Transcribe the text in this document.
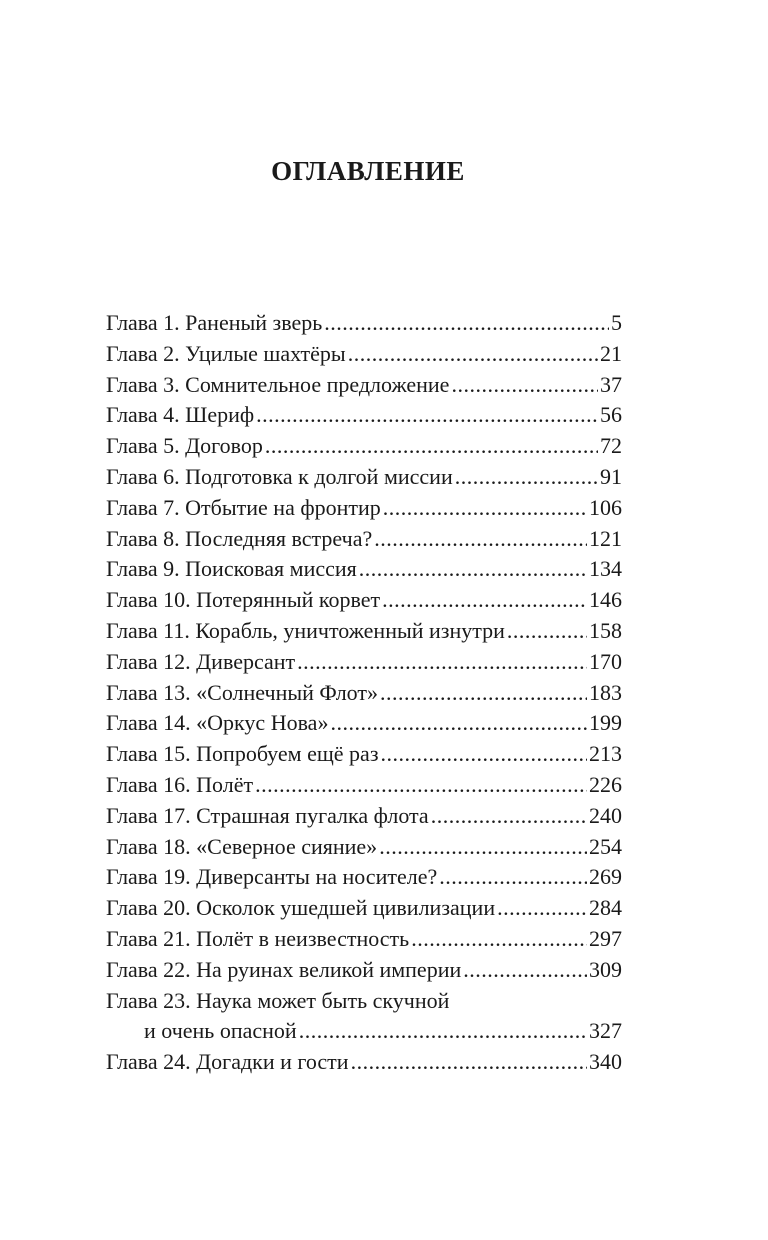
ОГЛАВЛЕНИЕ
Глава 1. Раненый зверь .....	5
Глава 2. Уцилые шахтёры .....	21
Глава 3. Сомнительное предложение .....	37
Глава 4. Шериф .....	56
Глава 5. Договор .....	72
Глава 6. Подготовка к долгой миссии .....	91
Глава 7. Отбытие на фронтир .....	106
Глава 8. Последняя встреча? .....	121
Глава 9. Поисковая миссия .....	134
Глава 10. Потерянный корвет .....	146
Глава 11. Корабль, уничтоженный изнутри .....	158
Глава 12. Диверсант .....	170
Глава 13. «Солнечный Флот» .....	183
Глава 14. «Оркус Нова» .....	199
Глава 15. Попробуем ещё раз .....	213
Глава 16. Полёт .....	226
Глава 17. Страшная пугалка флота .....	240
Глава 18. «Северное сияние» .....	254
Глава 19. Диверсанты на носителе? .....	269
Глава 20. Осколок ушедшей цивилизации .....	284
Глава 21. Полёт в неизвестность .....	297
Глава 22. На руинах великой империи .....	309
Глава 23. Наука может быть скучной
и очень опасной .....	327
Глава 24. Догадки и гости .....	340
